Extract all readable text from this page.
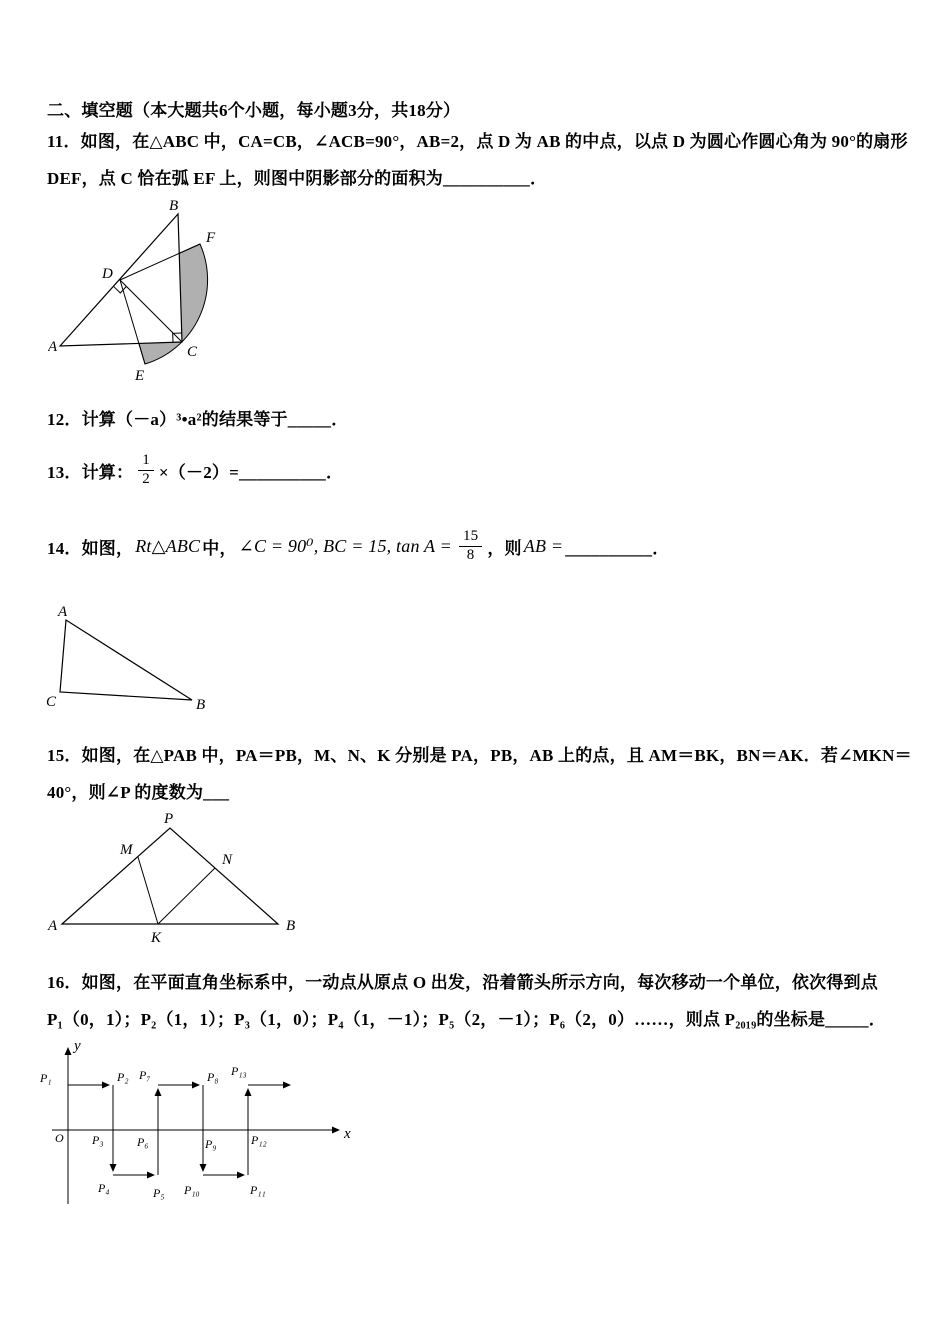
二、填空题（本大题共6个小题，每小题3分，共18分）
11．如图，在△ABC 中，CA=CB，∠ACB=90°，AB=2，点 D 为 AB 的中点，以点 D 为圆心作圆心角为 90°的扇形
DEF，点 C 恰在弧 EF 上，则图中阴影部分的面积为__________．
A
B
C
D
E
F
12．计算（－a）³•a²的结果等于_____．
13．计算： $\frac{1}{2}$ ×（－2）=__________．
14．如图， Rt△ABC 中， ∠C = 90⁰, BC = 15, $\tan A = \frac{15}{8}$ ，则 AB = __________．
A
C	B
15．如图，在△PAB 中，PA＝PB，M、N、K 分别是 PA，PB，AB 上的点，且 AM＝BK，BN＝AK．若∠MKN＝
40°，则∠P 的度数为___
P
M
N
A
K
B
16．如图，在平面直角坐标系中，一动点从原点 O 出发，沿着箭头所示方向，每次移动一个单位，依次得到点
P₁（0，1）；P₂（1，1）；P₃（1，0）；P₄（1，－1）；P₅（2，－1）；P₆（2，0）……，则点 P₂₀₁₉的坐标是_____．
y
x
O
P₁	P₂ P₇	P₈ P₁₃
P₃	P₆	P₉	P₁₂
P₄	P₅ P₁₀	P₁₁
